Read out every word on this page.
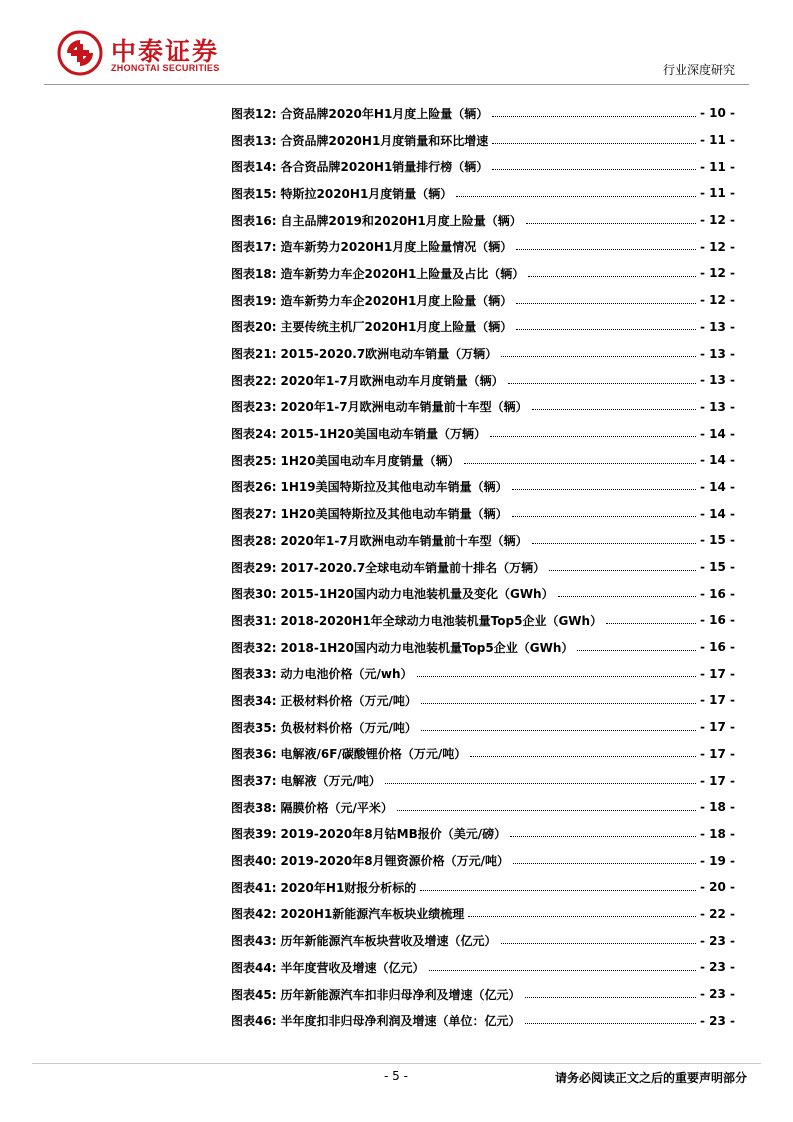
中泰证券
ZHONGTAI SECURITIES	行业深度研究
图表12: 合资品牌2020年H1月度上险量（辆）	- 10 -
图表13: 合资品牌2020H1月度销量和环比增速	- 11 -
图表14: 各合资品牌2020H1销量排行榜（辆）	- 11 -
图表15: 特斯拉2020H1月度销量（辆）	- 11 -
图表16: 自主品牌2019和2020H1月度上险量（辆）	- 12 -
图表17: 造车新势力2020H1月度上险量情况（辆）	- 12 -
图表18: 造车新势力车企2020H1上险量及占比（辆）	- 12 -
图表19: 造车新势力车企2020H1月度上险量（辆）	- 12 -
图表20: 主要传统主机厂2020H1月度上险量（辆）	- 13 -
图表21: 2015-2020.7欧洲电动车销量（万辆）	- 13 -
图表22: 2020年1-7月欧洲电动车月度销量（辆）	- 13 -
图表23: 2020年1-7月欧洲电动车销量前十车型（辆）	- 13 -
图表24: 2015-1H20美国电动车销量（万辆）	- 14 -
图表25: 1H20美国电动车月度销量（辆）	- 14 -
图表26: 1H19美国特斯拉及其他电动车销量（辆）	- 14 -
图表27: 1H20美国特斯拉及其他电动车销量（辆）	- 14 -
图表28: 2020年1-7月欧洲电动车销量前十车型（辆）	- 15 -
图表29: 2017-2020.7全球电动车销量前十排名（万辆）	- 15 -
图表30: 2015-1H20国内动力电池装机量及变化（GWh）	- 16 -
图表31: 2018-2020H1年全球动力电池装机量Top5企业（GWh）	- 16 -
图表32: 2018-1H20国内动力电池装机量Top5企业（GWh）	- 16 -
图表33: 动力电池价格（元/wh）	- 17 -
图表34: 正极材料价格（万元/吨）	- 17 -
图表35: 负极材料价格（万元/吨）	- 17 -
图表36: 电解液/6F/碳酸锂价格（万元/吨）	- 17 -
图表37: 电解液（万元/吨）	- 17 -
图表38: 隔膜价格（元/平米）	- 18 -
图表39: 2019-2020年8月钴MB报价（美元/磅）	- 18 -
图表40: 2019-2020年8月锂资源价格（万元/吨）	- 19 -
图表41: 2020年H1财报分析标的	- 20 -
图表42: 2020H1新能源汽车板块业绩梳理	- 22 -
图表43: 历年新能源汽车板块营收及增速（亿元）	- 23 -
图表44: 半年度营收及增速（亿元）	- 23 -
图表45: 历年新能源汽车扣非归母净利及增速（亿元）	- 23 -
图表46: 半年度扣非归母净利润及增速（单位：亿元）	- 23 -
- 5 -	请务必阅读正文之后的重要声明部分
